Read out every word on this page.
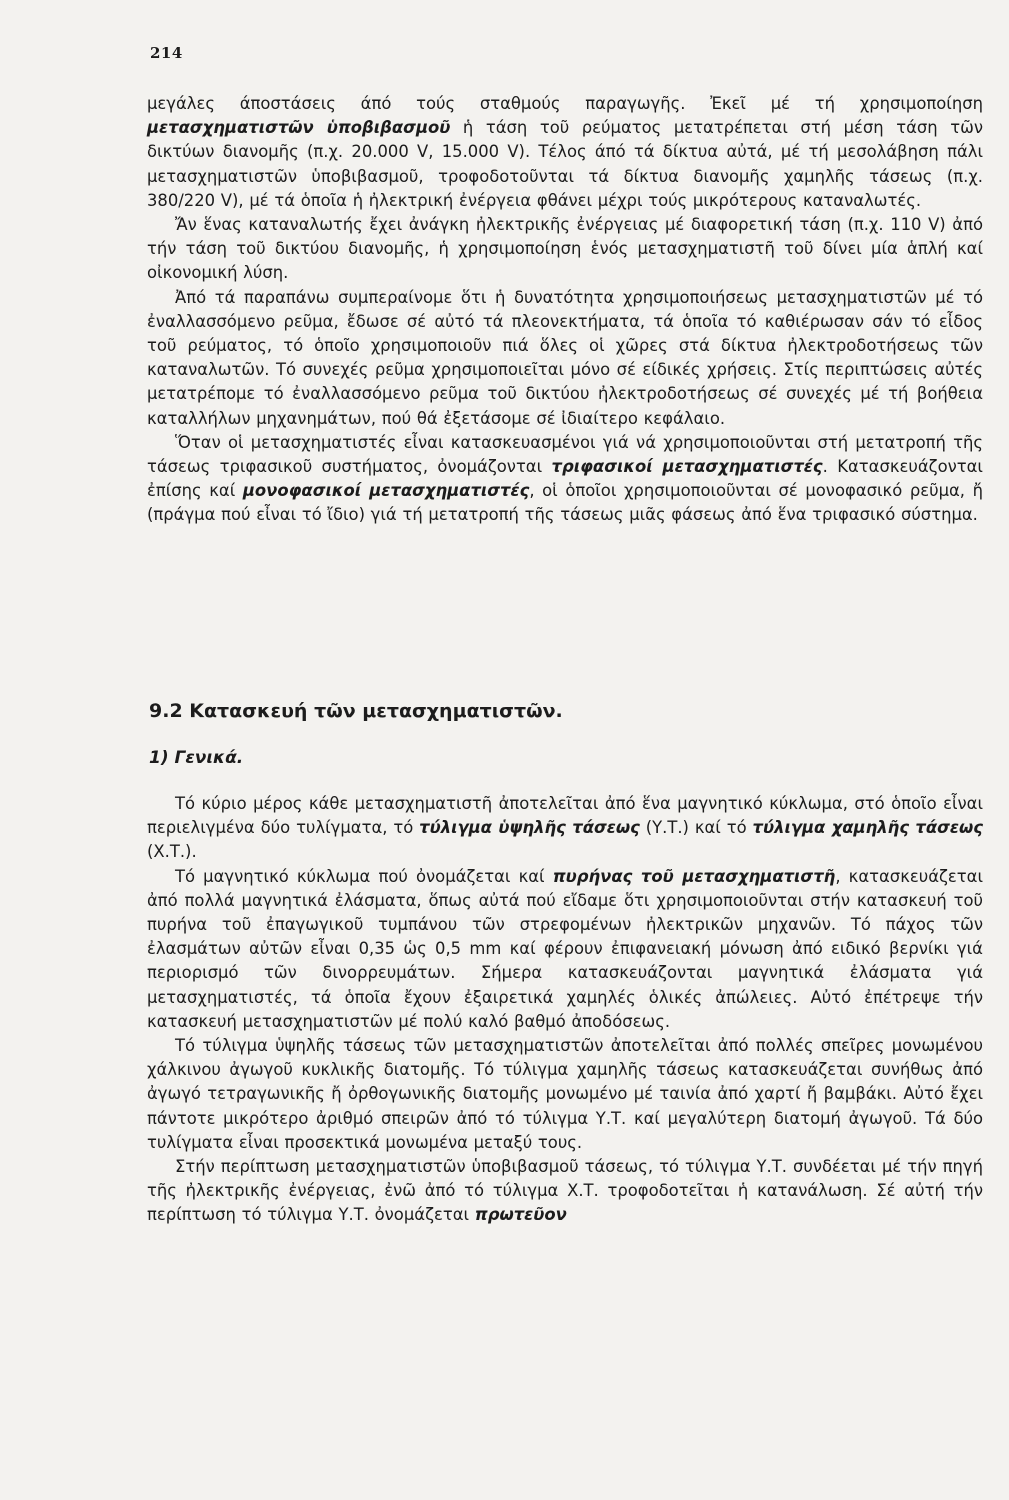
214

μεγάλες άποστάσεις άπό τούς σταθμούς παραγωγῆς. Ἐκεῖ μέ τή χρησιμοποίηση μετασχηματιστῶν ὑποβιβασμοῦ ἡ τάση τοῦ ρεύματος μετατρέπεται στή μέση τάση τῶν δικτύων διανομῆς (π.χ. 20.000 V, 15.000 V). Τέλος άπό τά δίκτυα αὐτά, μέ τή μεσολάβηση πάλι μετασχηματιστῶν ὑποβιβασμοῦ, τροφοδοτοῦνται τά δίκτυα διανομῆς χαμηλῆς τάσεως (π.χ. 380/220 V), μέ τά ὁποῖα ἡ ἠλεκτρική ἐνέργεια φθάνει μέχρι τούς μικρότερους καταναλωτές.

Ἄν ἕνας καταναλωτής ἔχει ἀνάγκη ἠλεκτρικῆς ἐνέργειας μέ διαφορετική τάση (π.χ. 110 V) ἀπό τήν τάση τοῦ δικτύου διανομῆς, ἡ χρησιμοποίηση ἑνός μετασχηματιστῆ τοῦ δίνει μία ἁπλή καί οἰκονομική λύση.

Ἀπό τά παραπάνω συμπεραίνομε ὅτι ἡ δυνατότητα χρησιμοποιήσεως μετασχηματιστῶν μέ τό ἐναλλασσόμενο ρεῦμα, ἔδωσε σέ αὐτό τά πλεονεκτήματα, τά ὁποῖα τό καθιέρωσαν σάν τό εἶδος τοῦ ρεύματος, τό ὁποῖο χρησιμοποιοῦν πιά ὅλες οἱ χῶρες στά δίκτυα ἠλεκτροδοτήσεως τῶν καταναλωτῶν. Τό συνεχές ρεῦμα χρησιμοποιεῖται μόνο σέ είδικές χρήσεις. Στίς περιπτώσεις αὐτές μετατρέπομε τό ἐναλλασσόμενο ρεῦμα τοῦ δικτύου ἠλεκτροδοτήσεως σέ συνεχές μέ τή βοήθεια καταλλήλων μηχανημάτων, πού θά ἐξετάσομε σέ ἰδιαίτερο κεφάλαιο.

Ὅταν οἱ μετασχηματιστές εἶναι κατασκευασμένοι γιά νά χρησιμοποιοῦνται στή μετατροπή τῆς τάσεως τριφασικοῦ συστήματος, ὀνομάζονται τριφασικοί μετασχηματιστές. Κατασκευάζονται ἐπίσης καί μονοφασικοί μετασχηματιστές, οἱ ὁποῖοι χρησιμοποιοῦνται σέ μονοφασικό ρεῦμα, ἤ (πράγμα πού εἶναι τό ἴδιο) γιά τή μετατροπή τῆς τάσεως μιᾶς φάσεως ἀπό ἕνα τριφασικό σύστημα.

9.2 Κατασκευή τῶν μετασχηματιστῶν.
1) Γενικά.

Τό κύριο μέρος κάθε μετασχηματιστῆ ἀποτελεῖται ἀπό ἕνα μαγνητικό κύκλωμα, στό ὁποῖο εἶναι περιελιγμένα δύο τυλίγματα, τό τύλιγμα ὑψηλῆς τάσεως (Υ.Τ.) καί τό τύλιγμα χαμηλῆς τάσεως (Χ.Τ.).

Τό μαγνητικό κύκλωμα πού ὀνομάζεται καί πυρήνας τοῦ μετασχηματιστῆ, κατασκευάζεται ἀπό πολλά μαγνητικά ἐλάσματα, ὅπως αὐτά πού εἴδαμε ὅτι χρησιμοποιοῦνται στήν κατασκευή τοῦ πυρήνα τοῦ ἐπαγωγικοῦ τυμπάνου τῶν στρεφομένων ἠλεκτρικῶν μηχανῶν. Τό πάχος τῶν ἐλασμάτων αὐτῶν εἶναι 0,35 ὡς 0,5 mm καί φέρουν ἐπιφανειακή μόνωση ἀπό ειδικό βερνίκι γιά περιορισμό τῶν δινορρευμάτων. Σήμερα κατασκευάζονται μαγνητικά ἐλάσματα γιά μετασχηματιστές, τά ὁποῖα ἔχουν ἐξαιρετικά χαμηλές ὁλικές ἀπώλειες. Αὐτό ἐπέτρεψε τήν κατασκευή μετασχηματιστῶν μέ πολύ καλό βαθμό ἀποδόσεως.

Τό τύλιγμα ὑψηλῆς τάσεως τῶν μετασχηματιστῶν ἀποτελεῖται ἀπό πολλές σπεῖρες μονωμένου χάλκινου ἀγωγοῦ κυκλικῆς διατομῆς. Τό τύλιγμα χαμηλῆς τάσεως κατασκευάζεται συνήθως ἀπό ἀγωγό τετραγωνικῆς ἤ ὀρθογωνικῆς διατομῆς μονωμένο μέ ταινία ἀπό χαρτί ἤ βαμβάκι. Αὐτό ἔχει πάντοτε μικρότερο ἀριθμό σπειρῶν ἀπό τό τύλιγμα Υ.Τ. καί μεγαλύτερη διατομή ἀγωγοῦ. Τά δύο τυλίγματα εἶναι προσεκτικά μονωμένα μεταξύ τους.

Στήν περίπτωση μετασχηματιστῶν ὑποβιβασμοῦ τάσεως, τό τύλιγμα Υ.Τ. συνδέεται μέ τήν πηγή τῆς ἠλεκτρικῆς ἐνέργειας, ἐνῶ ἀπό τό τύλιγμα Χ.Τ. τροφοδοτεῖται ἡ κατανάλωση. Σέ αὐτή τήν περίπτωση τό τύλιγμα Υ.Τ. ὀνομάζεται πρωτεῦον
